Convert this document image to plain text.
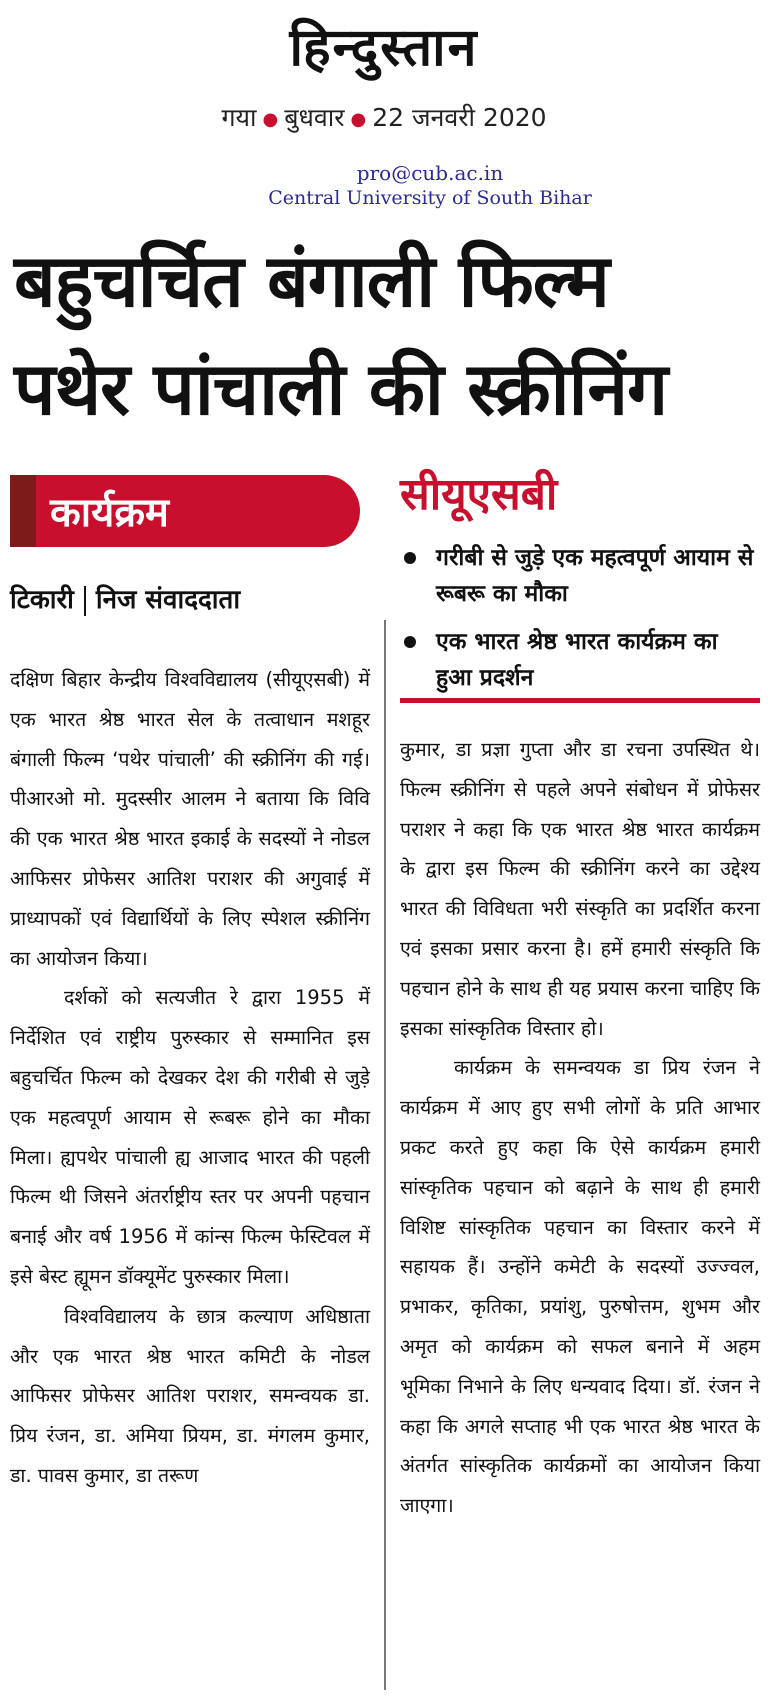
हिन्दुस्तान
गया ● बुधवार ● 22 जनवरी 2020
pro@cub.ac.in
Central University of South Bihar
बहुचर्चित बंगाली फिल्म
पथेर पांचाली की स्क्रीनिंग
कार्यक्रम	सीयूएसबी
गरीबी से जुड़े एक महत्वपूर्ण आयाम से रूबरू का मौका
एक भारत श्रेष्ठ भारत कार्यक्रम का हुआ प्रदर्शन
टिकारी निज संवाददाता

दक्षिण बिहार केन्द्रीय विश्वविद्यालय (सीयूएसबी) में एक भारत श्रेष्ठ भारत सेल के तत्वाधान मशहूर बंगाली फिल्म ‘पथेर पांचाली’ की स्क्रीनिंग की गई। पीआरओ मो. मुदस्सीर आलम ने बताया कि विवि की एक भारत श्रेष्ठ भारत इकाई के सदस्यों ने नोडल आफिसर प्रोफेसर आतिश पराशर की अगुवाई में प्राध्यापकों एवं विद्यार्थियों के लिए स्पेशल स्क्रीनिंग का आयोजन किया।

दर्शकों को सत्यजीत रे द्वारा 1955 में निर्देशित एवं राष्ट्रीय पुरुस्कार से सम्मानित इस बहुचर्चित फिल्म को देखकर देश की गरीबी से जुड़े एक महत्वपूर्ण आयाम से रूबरू होने का मौका मिला। ह्यपथेर पांचाली ह्य आजाद भारत की पहली फिल्म थी जिसने अंतर्राष्ट्रीय स्तर पर अपनी पहचान बनाई और वर्ष 1956 में कांन्स फिल्म फेस्टिवल में इसे बेस्ट ह्यूमन डॉक्यूमेंट पुरुस्कार मिला।

विश्वविद्यालय के छात्र कल्याण अधिष्ठाता और एक भारत श्रेष्ठ भारत कमिटी के नोडल आफिसर प्रोफेसर आतिश पराशर, समन्वयक डा. प्रिय रंजन, डा. अमिया प्रियम, डा. मंगलम कुमार, डा. पावस कुमार, डा तरूण

कुमार, डा प्रज्ञा गुप्ता और डा रचना उपस्थित थे। फिल्म स्क्रीनिंग से पहले अपने संबोधन में प्रोफेसर पराशर ने कहा कि एक भारत श्रेष्ठ भारत कार्यक्रम के द्वारा इस फिल्म की स्क्रीनिंग करने का उद्देश्य भारत की विविधता भरी संस्कृति का प्रदर्शित करना एवं इसका प्रसार करना है। हमें हमारी संस्कृति कि पहचान होने के साथ ही यह प्रयास करना चाहिए कि इसका सांस्कृतिक विस्तार हो।

कार्यक्रम के समन्वयक डा प्रिय रंजन ने कार्यक्रम में आए हुए सभी लोगों के प्रति आभार प्रकट करते हुए कहा कि ऐसे कार्यक्रम हमारी सांस्कृतिक पहचान को बढ़ाने के साथ ही हमारी विशिष्ट सांस्कृतिक पहचान का विस्तार करने में सहायक हैं। उन्होंने कमेटी के सदस्यों उज्ज्वल, प्रभाकर, कृतिका, प्रयांशु, पुरुषोत्तम, शुभम और अमृत को कार्यक्रम को सफल बनाने में अहम भूमिका निभाने के लिए धन्यवाद दिया। डॉ. रंजन ने कहा कि अगले सप्ताह भी एक भारत श्रेष्ठ भारत के अंतर्गत सांस्कृतिक कार्यक्रमों का आयोजन किया जाएगा।
